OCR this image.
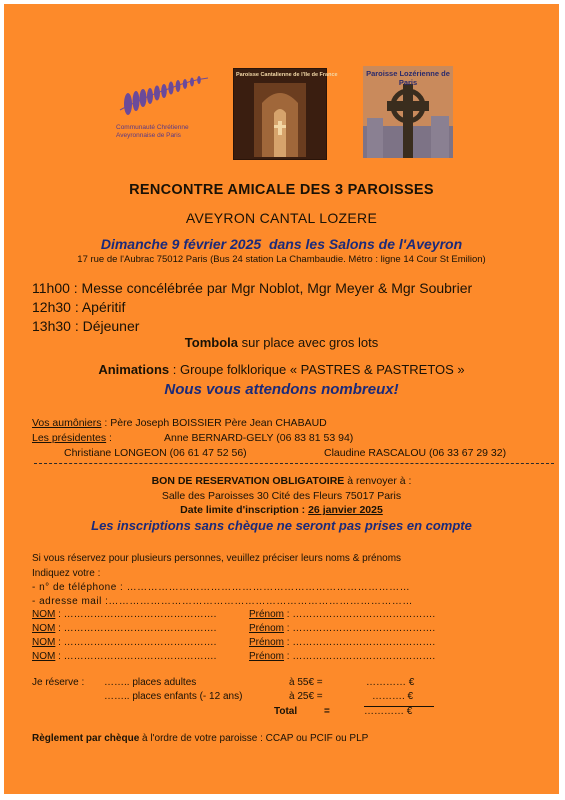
Communauté Chrétienne Aveyronnaise de Paris
Paroisse Cantalienne de l'Ile de France	Paroisse Lozérienne de Paris
RENCONTRE AMICALE DES 3 PAROISSES
AVEYRON CANTAL LOZERE
Dimanche 9 février 2025 dans les Salons de l'Aveyron
17 rue de l'Aubrac 75012 Paris (Bus 24 station La Chambaudie. Métro : ligne 14 Cour St Emilion)
11h00 : Messe concélébrée par Mgr Noblot, Mgr Meyer & Mgr Soubrier
12h30 : Apéritif
13h30 : Déjeuner
Tombola sur place avec gros lots
Animations : Groupe folklorique « PASTRES & PASTRETOS »
Nous vous attendons nombreux!
Vos aumôniers : Père Joseph BOISSIER Père Jean CHABAUD
Les présidentes :	Anne BERNARD-GELY (06 83 81 53 94)
Christiane LONGEON (06 61 47 52 56)	Claudine RASCALOU (06 33 67 29 32)
BON DE RESERVATION OBLIGATOIRE à renvoyer à :
Salle des Paroisses 30 Cité des Fleurs 75017 Paris
Date limite d'inscription : 26 janvier 2025
Les inscriptions sans chèque ne seront pas prises en compte
Si vous réservez pour plusieurs personnes, veuillez préciser leurs noms & prénoms
Indiquez votre :
- n° de téléphone : ………………………………………………………………………
- adresse mail :……………………………………………………………………………
NOM : ……………………………………….	Prénom : …………………………………….
NOM : ……………………………………….	Prénom : …………………………………….
NOM : ……………………………………….	Prénom : …………………………………….
NOM : ……………………………………….	Prénom : …………………………………….
Je réserve : …….. places adultes	à 55€ =	………… €
…….. places enfants (- 12 ans)	à 25€ =	………. €
Total	=	………… €
Règlement par chèque à l'ordre de votre paroisse : CCAP ou PCIF ou PLP
